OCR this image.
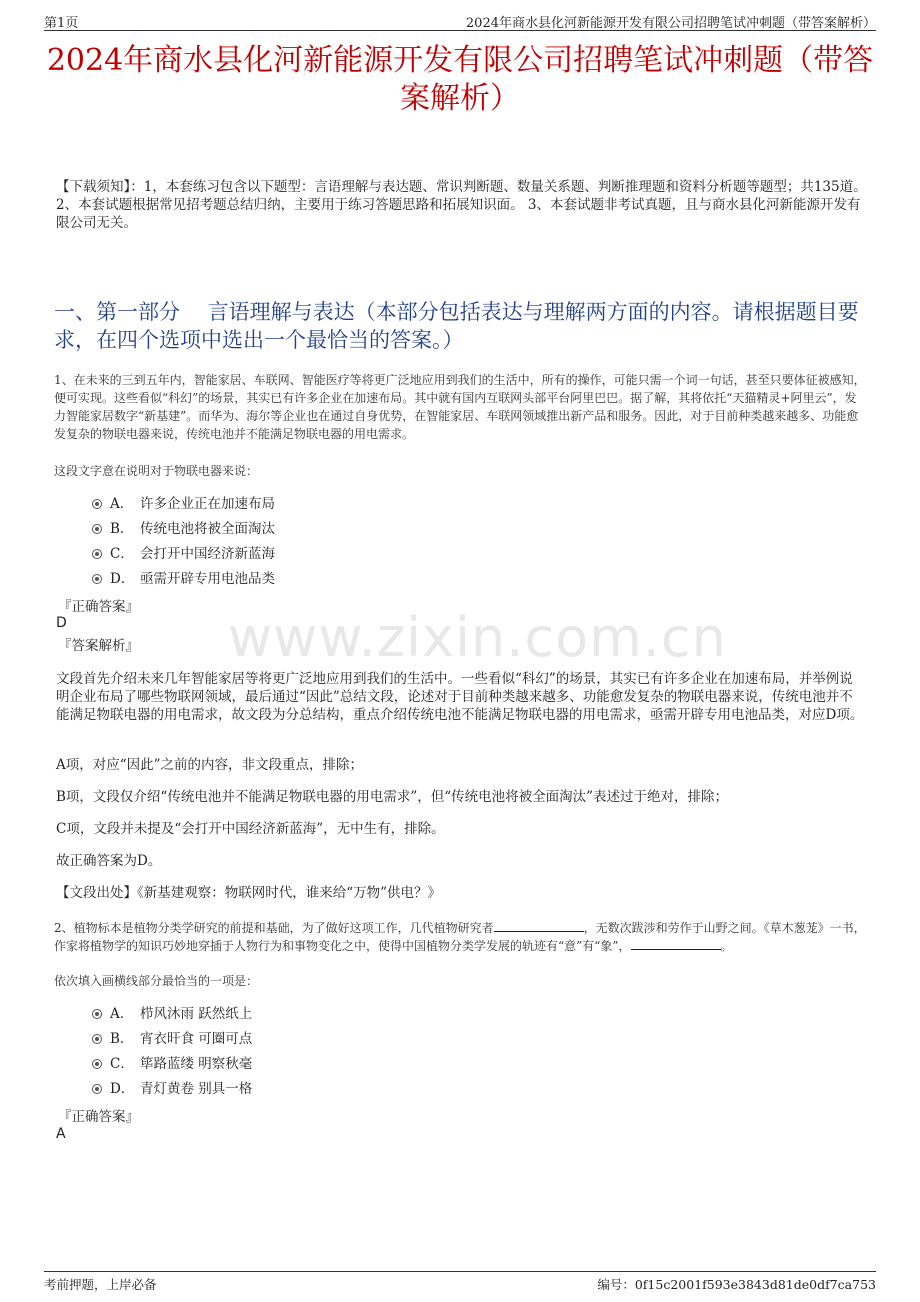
第1页	2024年商水县化河新能源开发有限公司招聘笔试冲刺题（带答案解析）
2024年商水县化河新能源开发有限公司招聘笔试冲刺题（带答案解析）
【下载须知】：1，本套练习包含以下题型：言语理解与表达题、常识判断题、数量关系题、判断推理题和资料分析题等题型；共135道。 2、本套试题根据常见招考题总结归纳，主要用于练习答题思路和拓展知识面。 3、本套试题非考试真题，且与商水县化河新能源开发有限公司无关。
一、第一部分　 言语理解与表达（本部分包括表达与理解两方面的内容。请根据题目要求，在四个选项中选出一个最恰当的答案。）
www.zixin.com.cn
1、在未来的三到五年内，智能家居、车联网、智能医疗等将更广泛地应用到我们的生活中，所有的操作，可能只需一个词一句话，甚至只要体征被感知，便可实现。这些看似“科幻”的场景，其实已有许多企业在加速布局。其中就有国内互联网头部平台阿里巴巴。据了解，其将依托“天猫精灵+阿里云”，发力智能家居数字“新基建”。而华为、海尔等企业也在通过自身优势，在智能家居、车联网领域推出新产品和服务。因此，对于目前种类越来越多、功能愈发复杂的物联电器来说，传统电池并不能满足物联电器的用电需求。
这段文字意在说明对于物联电器来说：
A． 许多企业正在加速布局
B． 传统电池将被全面淘汰
C． 会打开中国经济新蓝海
D． 亟需开辟专用电池品类
『正确答案』
D
『答案解析』
文段首先介绍未来几年智能家居等将更广泛地应用到我们的生活中。一些看似“科幻”的场景，其实已有许多企业在加速布局，并举例说明企业布局了哪些物联网领域，最后通过“因此”总结文段，论述对于目前种类越来越多、功能愈发复杂的物联电器来说，传统电池并不能满足物联电器的用电需求，故文段为分总结构，重点介绍传统电池不能满足物联电器的用电需求，亟需开辟专用电池品类，对应D项。
A项，对应“因此”之前的内容，非文段重点，排除；
B项，文段仅介绍“传统电池并不能满足物联电器的用电需求”，但“传统电池将被全面淘汰”表述过于绝对，排除；
C项，文段并未提及“会打开中国经济新蓝海”，无中生有，排除。
故正确答案为D。
【文段出处】《新基建观察：物联网时代，谁来给“万物”供电？》
2、植物标本是植物分类学研究的前提和基础，为了做好这项工作，几代植物研究者	，无数次跋涉和劳作于山野之间。《草木葱茏》一书，作家将植物学的知识巧妙地穿插于人物行为和事物变化之中，使得中国植物分类学发展的轨迹有“意”有“象”，	。
依次填入画横线部分最恰当的一项是：
A． 栉风沐雨 跃然纸上
B． 宵衣旰食 可圈可点
C． 筚路蓝缕 明察秋毫
D． 青灯黄卷 别具一格
『正确答案』
A
考前押题，上岸必备	编号：0f15c2001f593e3843d81de0df7ca753
